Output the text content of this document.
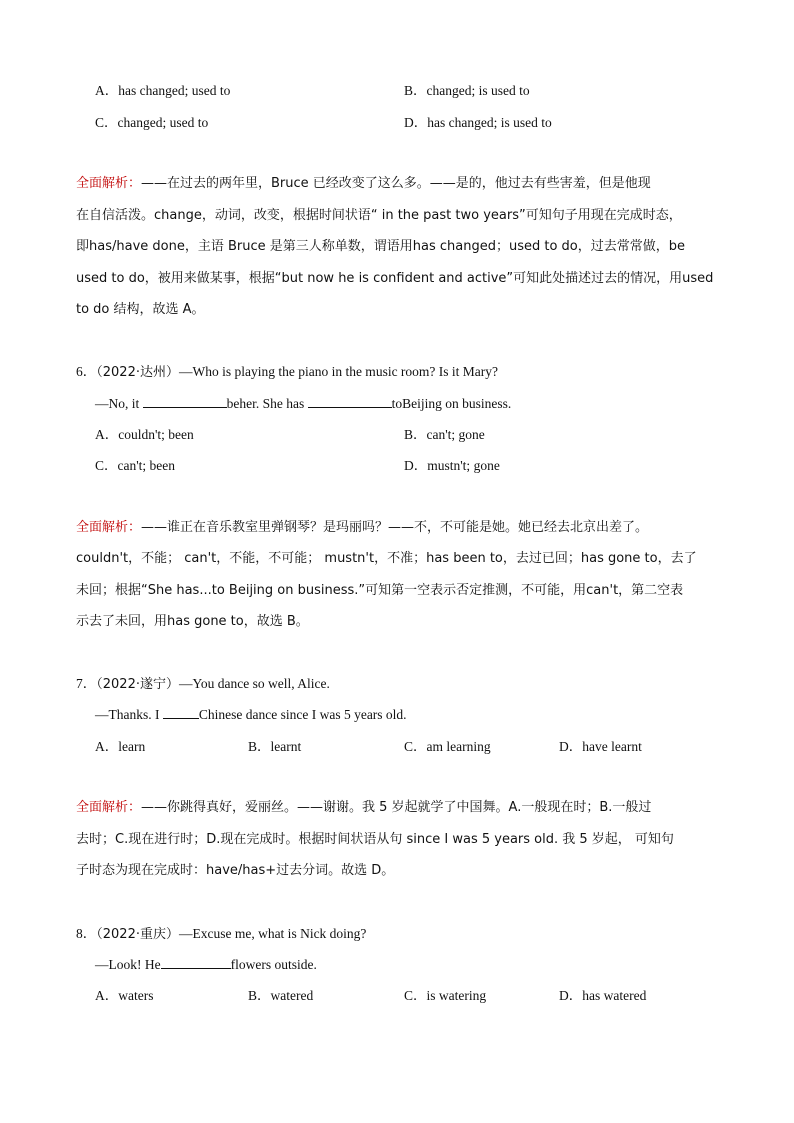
A．has changed; used to	B．changed; is used to
C．changed; used to	D．has changed; is used to
全面解析：——在过去的两年里，Bruce 已经改变了这么多。——是的，他过去有些害羞，但是他现
在自信活泼。change，动词，改变，根据时间状语“ in the past two years”可知句子用现在完成时态，
即has/have done，主语 Bruce 是第三人称单数，谓语用has changed；used to do，过去常常做，be
used to do，被用来做某事，根据“but now he is confident and active”可知此处描述过去的情况，用used
to do 结构，故选 A。
6．（2022·达州）—Who is playing the piano in the music room? Is it Mary?
—No, it	beher. She has	toBeijing on business.
A．couldn't; been	B．can't; gone
C．can't; been	D．mustn't; gone
全面解析：——谁正在音乐教室里弹钢琴？是玛丽吗？——不，不可能是她。她已经去北京出差了。
couldn't，不能； can't，不能，不可能； mustn't，不准；has been to，去过已回；has gone to，去了
未回；根据“She has...to Beijing on business.”可知第一空表示否定推测，不可能，用can't，第二空表
示去了未回，用has gone to，故选 B。
7．（2022·遂宁）—You dance so well, Alice.
—Thanks. I	Chinese dance since I was 5 years old.
A．learn	B．learnt	C．am learning	D．have learnt
全面解析：——你跳得真好，爱丽丝。——谢谢。我 5 岁起就学了中国舞。A.一般现在时；B.一般过
去时；C.现在进行时；D.现在完成时。根据时间状语从句 since I was 5 years old. 我 5 岁起， 可知句
子时态为现在完成时：have/has+过去分词。故选 D。
8．（2022·重庆）—Excuse me, what is Nick doing?
—Look! He	flowers outside.
A．waters	B．watered	C．is watering	D．has watered
